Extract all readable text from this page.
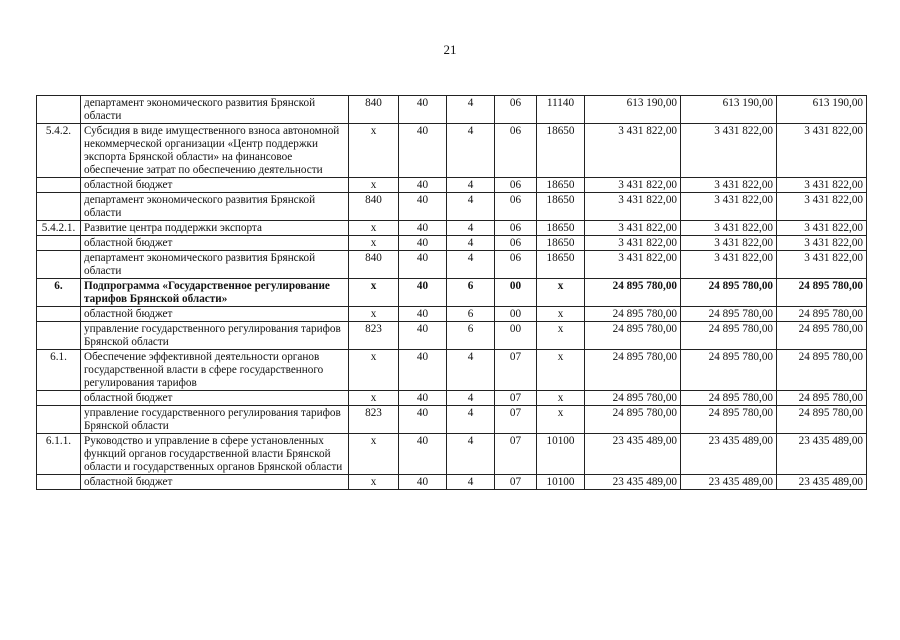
21
	департамент экономического развития Брянской области	840	40	4	06	11140	613 190,00	613 190,00	613 190,00
5.4.2.	Субсидия в виде имущественного взноса автономной некоммерческой организации «Центр поддержки экспорта Брянской области» на финансовое обеспечение затрат по обеспечению деятельности	х	40	4	06	18650	3 431 822,00	3 431 822,00	3 431 822,00
	областной бюджет	х	40	4	06	18650	3 431 822,00	3 431 822,00	3 431 822,00
	департамент экономического развития Брянской области	840	40	4	06	18650	3 431 822,00	3 431 822,00	3 431 822,00
5.4.2.1.	Развитие центра поддержки экспорта	х	40	4	06	18650	3 431 822,00	3 431 822,00	3 431 822,00
	областной бюджет	х	40	4	06	18650	3 431 822,00	3 431 822,00	3 431 822,00
	департамент экономического развития Брянской области	840	40	4	06	18650	3 431 822,00	3 431 822,00	3 431 822,00
6.	Подпрограмма «Государственное регулирование тарифов Брянской области»	х	40	6	00	х	24 895 780,00	24 895 780,00	24 895 780,00
	областной бюджет	х	40	6	00	х	24 895 780,00	24 895 780,00	24 895 780,00
	управление государственного регулирования тарифов Брянской области	823	40	6	00	х	24 895 780,00	24 895 780,00	24 895 780,00
6.1.	Обеспечение эффективной деятельности органов государственной власти в сфере государственного регулирования тарифов	х	40	4	07	х	24 895 780,00	24 895 780,00	24 895 780,00
	областной бюджет	х	40	4	07	х	24 895 780,00	24 895 780,00	24 895 780,00
	управление государственного регулирования тарифов Брянской области	823	40	4	07	х	24 895 780,00	24 895 780,00	24 895 780,00
6.1.1.	Руководство и управление в сфере установленных функций органов государственной власти Брянской области и государственных органов Брянской области	х	40	4	07	10100	23 435 489,00	23 435 489,00	23 435 489,00
	областной бюджет	х	40	4	07	10100	23 435 489,00	23 435 489,00	23 435 489,00
